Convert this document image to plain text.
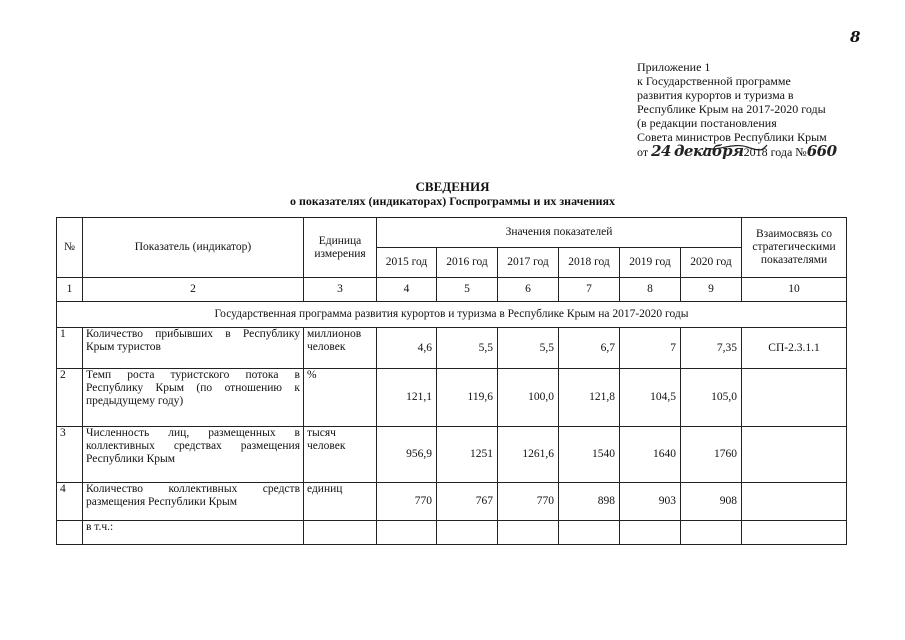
8
Приложение 1
к Государственной программе
развития курортов и туризма в
Республике Крым на 2017-2020 годы
(в редакции постановления
Совета министров Республики Крым
от 24 декабря2018 года №660
СВЕДЕНИЯ
о показателях (индикаторах) Госпрограммы и их значениях
№	Показатель (индикатор)	Единица измерения	Значения показателей						Взаимосвязь со стратегическими показателями
			2015 год	2016 год	2017 год	2018 год	2019 год	2020 год	
1	2	3	4	5	6	7	8	9	10
Государственная программа развития курортов и туризма в Республике Крым на 2017-2020 годы									
1	Количество прибывших в Республику Крым туристов	миллионов человек	4,6	5,5	5,5	6,7	7	7,35	СП-2.3.1.1
2	Темп роста туристского потока в Республику Крым (по отношению к предыдущему году)	%	121,1	119,6	100,0	121,8	104,5	105,0	
3	Численность лиц, размещенных в коллективных средствах размещения Республики Крым	тысяч человек	956,9	1251	1261,6	1540	1640	1760	
4	Количество коллективных средств размещения Республики Крым	единиц	770	767	770	898	903	908	
	в т.ч.:								
